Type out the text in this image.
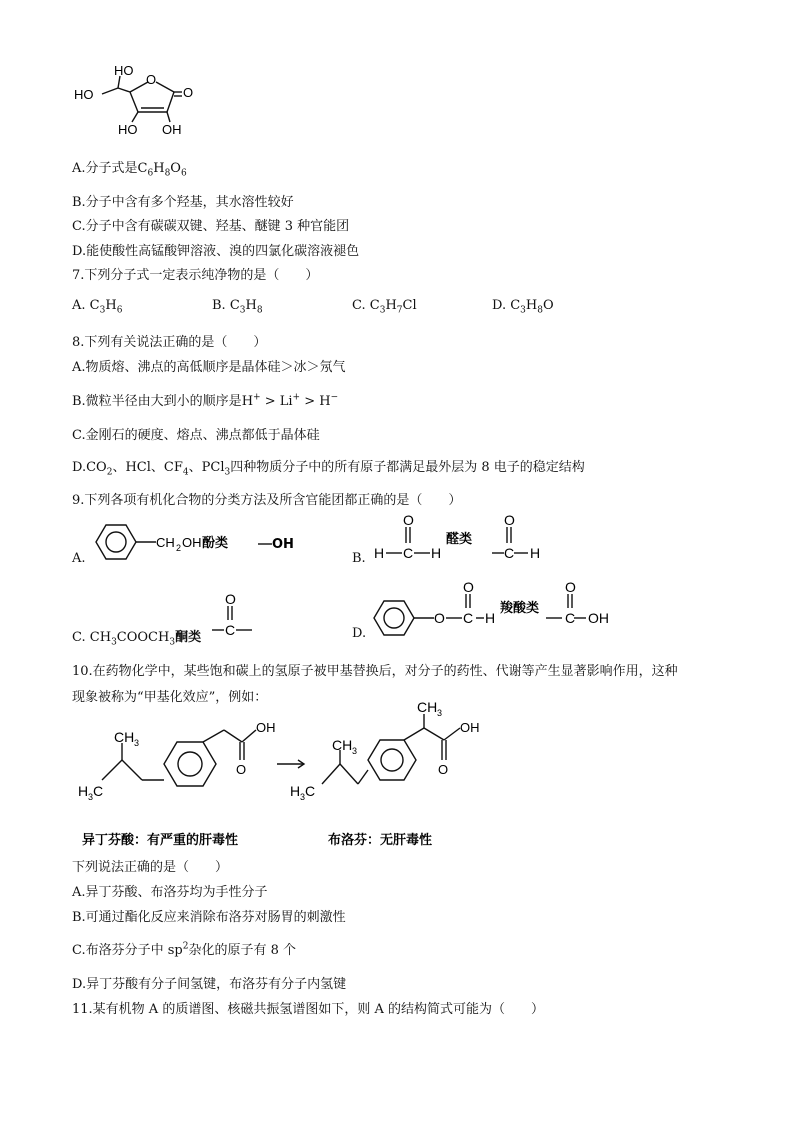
HO
O
O
HO
HO OH
A.分子式是$C_6H_8O_6$
B.分子中含有多个羟基，其水溶性较好
C.分子中含有碳碳双键、羟基、醚键 3 种官能团
D.能使酸性高锰酸钾溶液、溴的四氯化碳溶液褪色
7.下列分子式一定表示纯净物的是（　　）
A. $C_3H_6$	B. $C_3H_8$	C. $C_3H_7Cl$	D. $C_3H_8O$
8.下列有关说法正确的是（　　）
A.物质熔、沸点的高低顺序是晶体硅＞冰＞氖气
B.微粒半径由大到小的顺序是H+ > Li+ > H−
C.金刚石的硬度、熔点、沸点都低于晶体硅
$D.CO_2$、HCl、$CF_4$、PCl$_3$四种物质分子中的所有原子都满足最外层为 8 电子的稳定结构
9.下列各项有机化合物的分类方法及所含官能团都正确的是（　　）
A.
CH 2 OH 酚类	OH
B. H C H
O
醛类
C H
O
C. $CH_3COOCH_3$酮类 C
O
D.
O C H
O
羧酸类
C OH
O
10.在药物化学中，某些饱和碳上的氢原子被甲基替换后，对分子的药性、代谢等产生显著影响作用，这种
现象被称为“甲基化效应”，例如：
CH 3
H 3 C
OH
O
CH 3
CH 3
H 3 C
OH
O
异丁芬酸：有严重的肝毒性	布洛芬：无肝毒性
下列说法正确的是（　　）
A.异丁芬酸、布洛芬均为手性分子
B.可通过酯化反应来消除布洛芬对肠胃的刺激性
C.布洛芬分子中 $sp^2$杂化的原子有 8 个
D.异丁芬酸有分子间氢键，布洛芬有分子内氢键
11.某有机物 A 的质谱图、核磁共振氢谱图如下，则 A 的结构简式可能为（　　）
